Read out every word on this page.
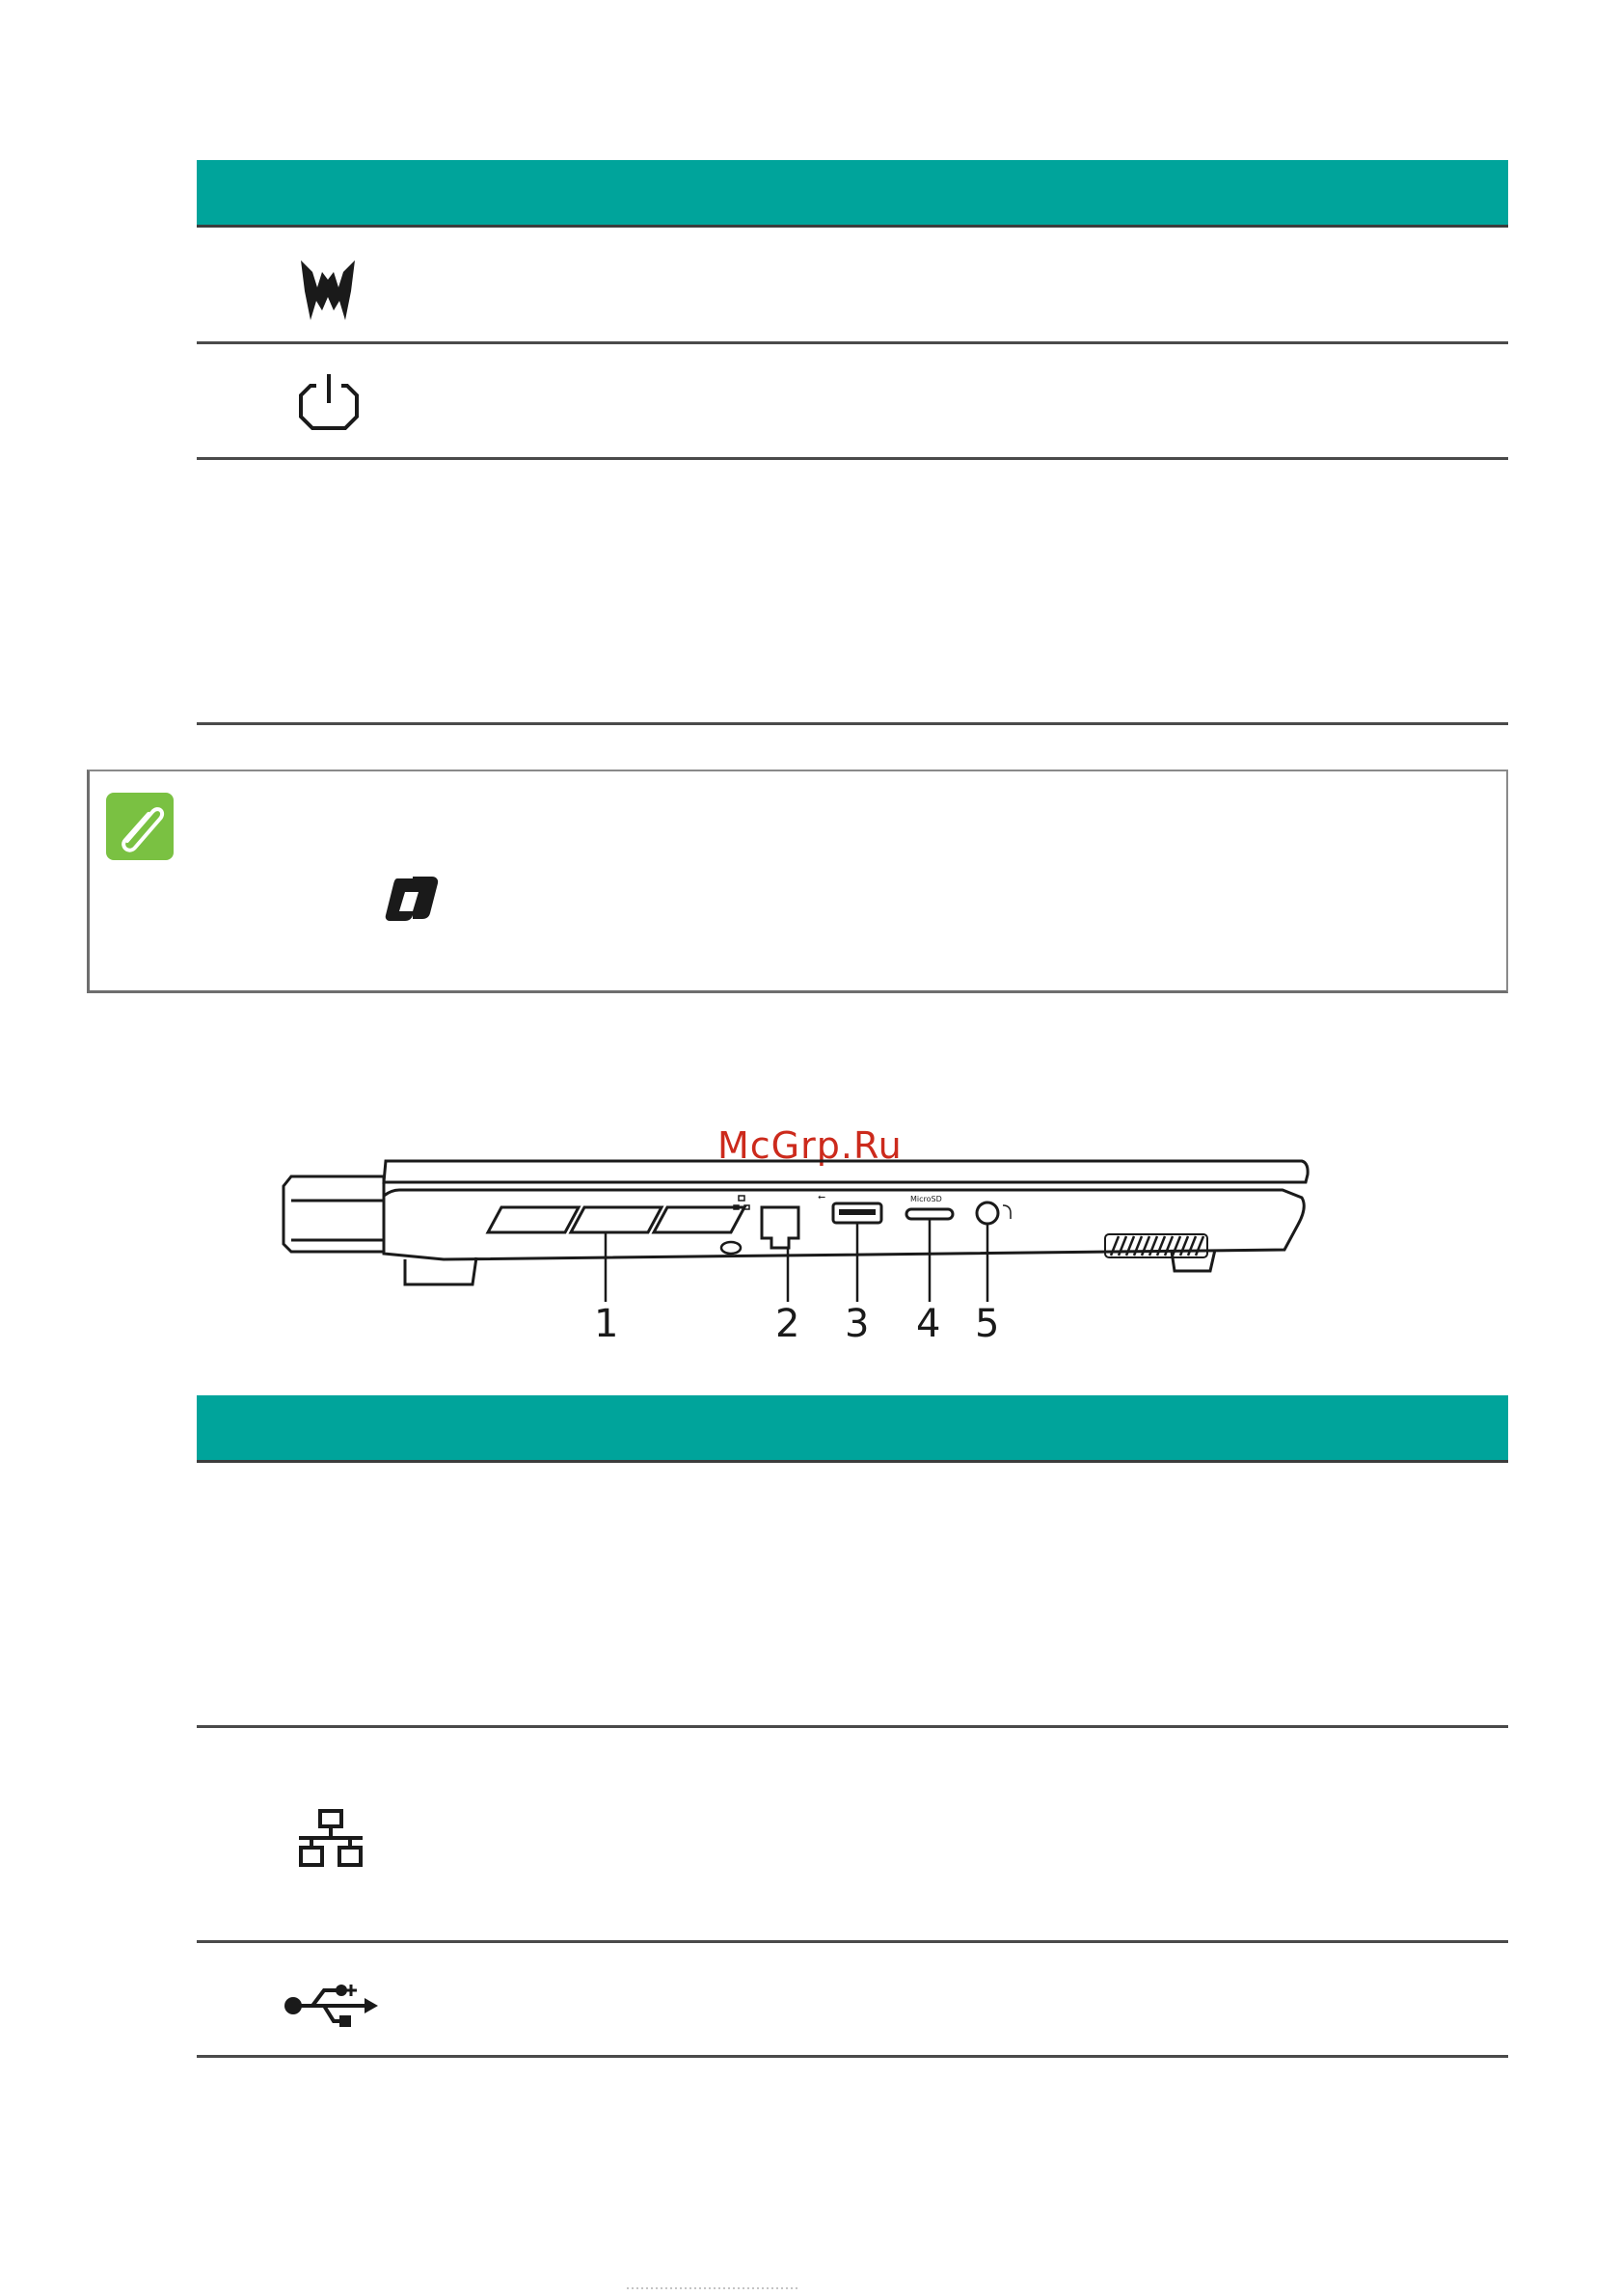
McGrp.Ru
⭠	MicroSD
1	2 3 4 5
